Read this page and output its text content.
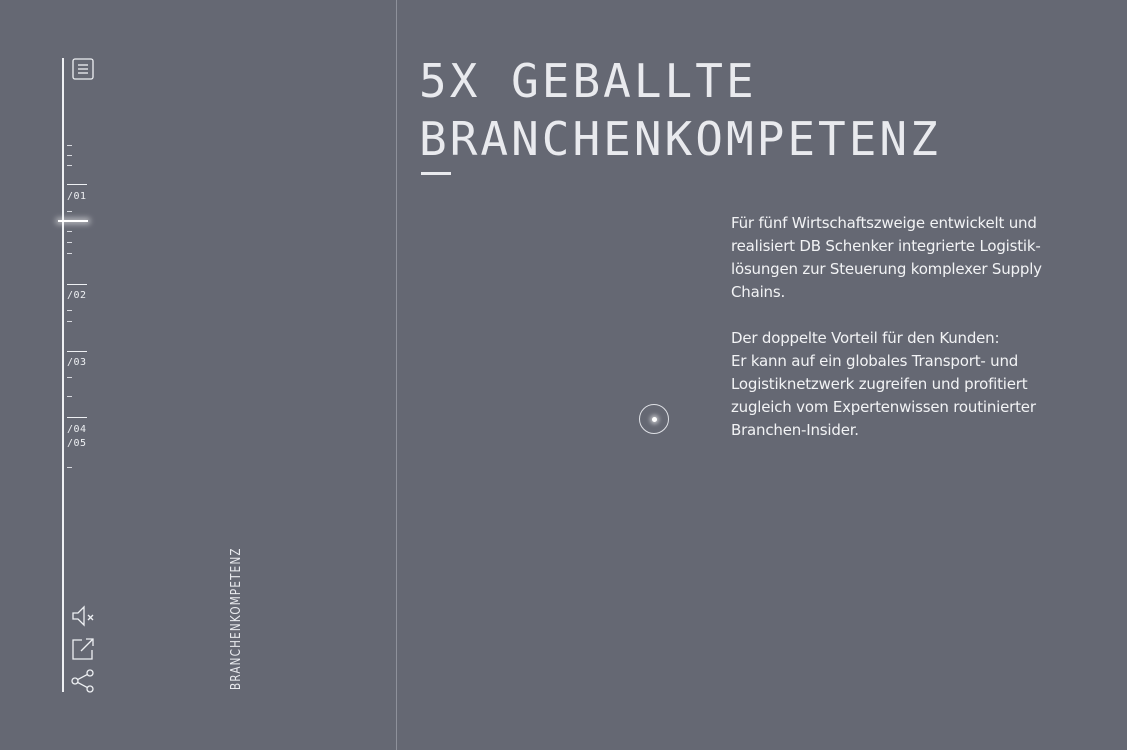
/01
/02
/03
/04
/05
BRANCHENKOMPETENZ
5X GEBALLTE
BRANCHENKOMPETENZ

Für fünf Wirtschaftszweige entwickelt und
realisiert DB Schenker integrierte Logistik-
lösungen zur Steuerung komplexer Supply
Chains.

Der doppelte Vorteil für den Kunden:
Er kann auf ein globales Transport- und
Logistiknetzwerk zugreifen und profitiert
zugleich vom Expertenwissen routinierter
Branchen-Insider.
